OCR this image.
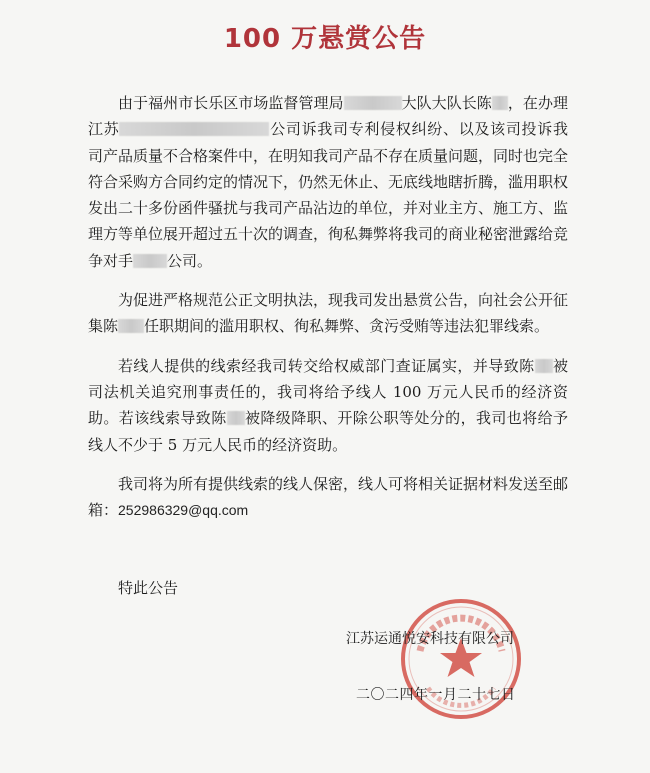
100 万悬赏公告

由于福州市长乐区市场监督管理局	大队大队长陈 ，在办理江苏	公司诉我司专利侵权纠纷、以及该司投诉我司产品质量不合格案件中，在明知我司产品不存在质量问题，同时也完全符合采购方合同约定的情况下，仍然无休止、无底线地瞎折腾，滥用职权发出二十多份函件骚扰与我司产品沾边的单位，并对业主方、施工方、监理方等单位展开超过五十次的调查，徇私舞弊将我司的商业秘密泄露给竞争对手 公司。

为促进严格规范公正文明执法，现我司发出悬赏公告，向社会公开征集陈 任职期间的滥用职权、徇私舞弊、贪污受贿等违法犯罪线索。

若线人提供的线索经我司转交给权威部门查证属实，并导致陈 被司法机关追究刑事责任的，我司将给予线人 100 万元人民币的经济资助。若该线索导致陈 被降级降职、开除公职等处分的，我司也将给予线人不少于 5 万元人民币的经济资助。

我司将为所有提供线索的线人保密，线人可将相关证据材料发送至邮箱：252986329@qq.com

特此公告
江苏运通悦安科技有限公司
二〇二四年一月二十七日
